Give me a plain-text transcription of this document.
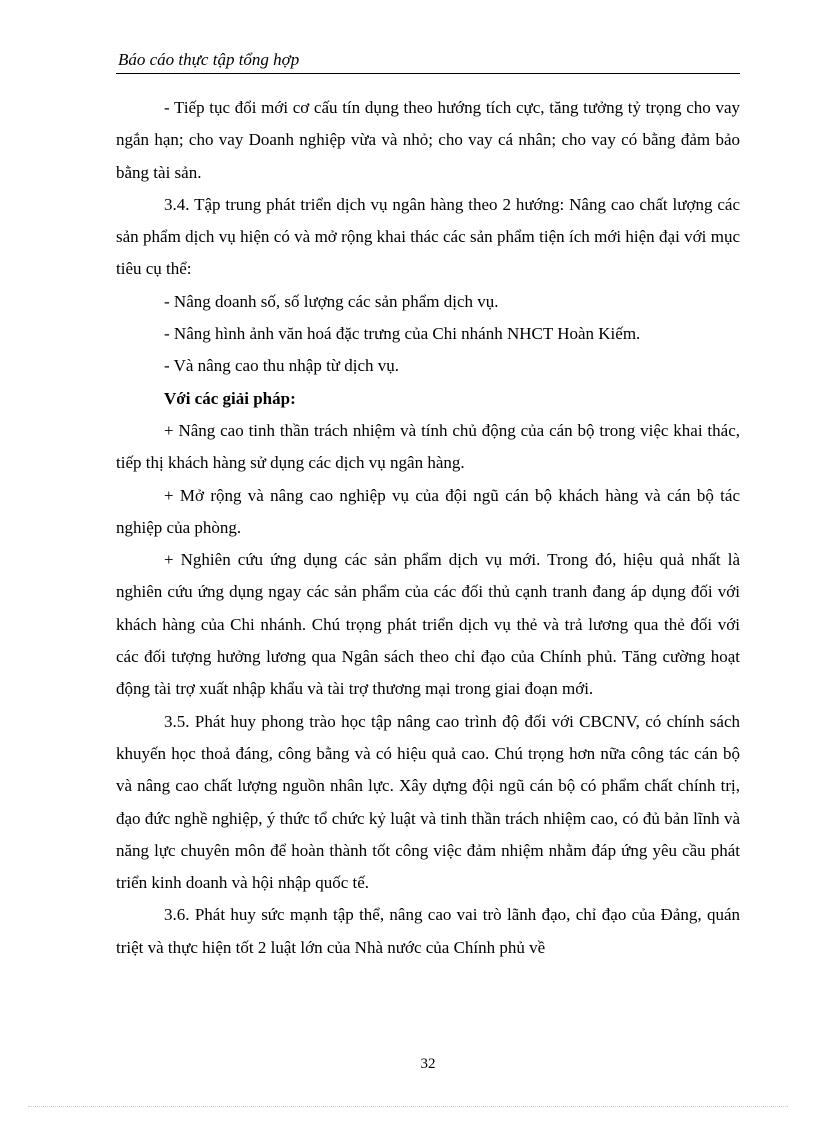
Báo cáo thực tập tổng hợp

- Tiếp tục đổi mới cơ cấu tín dụng theo hướng tích cực, tăng tưởng tỷ trọng cho vay ngắn hạn; cho vay Doanh nghiệp vừa và nhỏ; cho vay cá nhân; cho vay có bằng đảm bảo bằng tài sản.

3.4. Tập trung phát triển dịch vụ ngân hàng theo 2 hướng: Nâng cao chất lượng các sản phẩm dịch vụ hiện có và mở rộng khai thác các sản phẩm tiện ích mới hiện đại với mục tiêu cụ thể:

- Nâng doanh số, số lượng các sản phẩm dịch vụ.

- Nâng hình ảnh văn hoá đặc trưng của Chi nhánh NHCT Hoàn Kiếm.

- Và nâng cao thu nhập từ dịch vụ.

Với các giải pháp:

+ Nâng cao tinh thần trách nhiệm và tính chủ động của cán bộ trong việc khai thác, tiếp thị khách hàng sử dụng các dịch vụ ngân hàng.

+ Mở rộng và nâng cao nghiệp vụ của đội ngũ cán bộ khách hàng và cán bộ tác nghiệp của phòng.

+ Nghiên cứu ứng dụng các sản phẩm dịch vụ mới. Trong đó, hiệu quả nhất là nghiên cứu ứng dụng ngay các sản phẩm của các đối thủ cạnh tranh đang áp dụng đối với khách hàng của Chi nhánh. Chú trọng phát triển dịch vụ thẻ và trả lương qua thẻ đối với các đối tượng hưởng lương qua Ngân sách theo chỉ đạo của Chính phủ. Tăng cường hoạt động tài trợ xuất nhập khẩu và tài trợ thương mại trong giai đoạn mới.

3.5. Phát huy phong trào học tập nâng cao trình độ đối với CBCNV, có chính sách khuyến học thoả đáng, công bằng và có hiệu quả cao. Chú trọng hơn nữa công tác cán bộ và nâng cao chất lượng nguồn nhân lực. Xây dựng đội ngũ cán bộ có phẩm chất chính trị, đạo đức nghề nghiệp, ý thức tổ chức kỷ luật và tinh thần trách nhiệm cao, có đủ bản lĩnh và năng lực chuyên môn để hoàn thành tốt công việc đảm nhiệm nhằm đáp ứng yêu cầu phát triển kinh doanh và hội nhập quốc tế.

3.6. Phát huy sức mạnh tập thể, nâng cao vai trò lãnh đạo, chỉ đạo của Đảng, quán triệt và thực hiện tốt 2 luật lớn của Nhà nước của Chính phủ về

32
